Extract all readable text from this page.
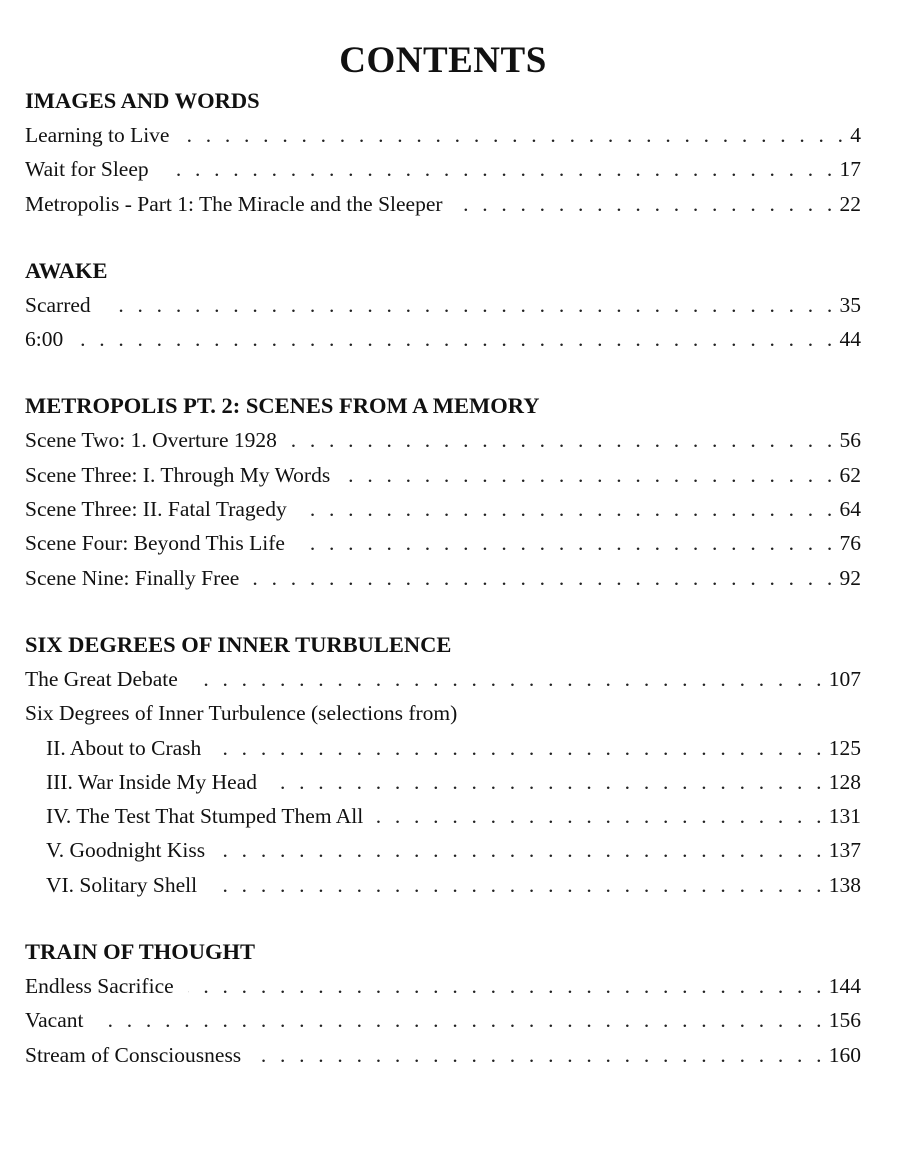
CONTENTS
IMAGES AND WORDS
Learning to Live . . .	4
Wait for Sleep . . .	17
Metropolis - Part 1: The Miracle and the Sleeper . . .	22
AWAKE
Scarred . . .	35
6:00 . . .	44
METROPOLIS PT. 2: SCENES FROM A MEMORY
Scene Two: 1. Overture 1928 . . .	56
Scene Three: I. Through My Words . . .	62
Scene Three: II. Fatal Tragedy . . .	64
Scene Four: Beyond This Life . . .	76
Scene Nine: Finally Free . . .	92
SIX DEGREES OF INNER TURBULENCE
The Great Debate . . .	107
Six Degrees of Inner Turbulence (selections from)
II. About to Crash . . .	125
III. War Inside My Head . . .	128
IV. The Test That Stumped Them All . . .	131
V. Goodnight Kiss . . .	137
VI. Solitary Shell . . .	138
TRAIN OF THOUGHT
Endless Sacrifice . . .	144
Vacant . . .	156
Stream of Consciousness . . .	160
